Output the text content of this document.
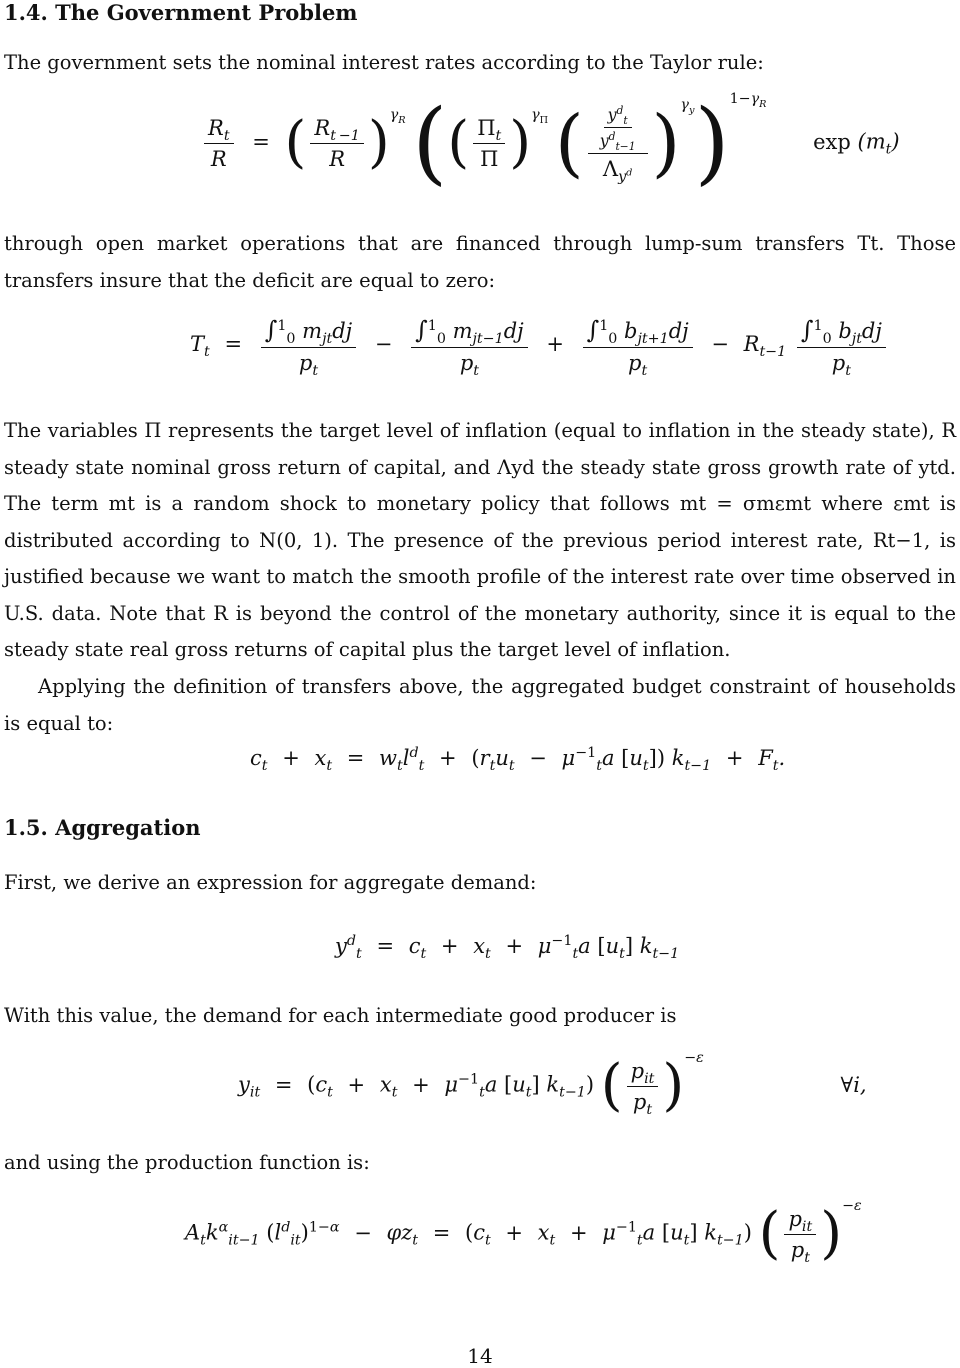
1.4. The Government Problem

The government sets the nominal interest rates according to the Taylor rule:

$\frac{R_t}{R}$ = ( $\frac{R_{t -1}}{R} )^{\gamma_R}$ (( $\frac{\Pi_t}{\Pi} )^{\gamma_\Pi}$ ( $\frac{\frac{y^d_t}{y^d_{t-1}}}{\Lambda_{y^d}} )^{\gamma_y})^{1-\gamma_R}$ $\exp (m_t)$

through open market operations that are financed through lump-sum transfers Tt. Those transfers insure that the deficit are equal to zero:

$T_t = \frac{\int^1_0 m_{jt}dj}{p_t} - \frac{\int^1_0 m_{jt-1}dj}{p_t} + \frac{\int^1_0 b_{jt+1}dj}{p_t} - R_{t-1} \frac{\int^1_0 b_{jt}dj}{p_t}$

The variables Π represents the target level of inflation (equal to inflation in the steady state), R steady state nominal gross return of capital, and Λyd the steady state gross growth rate of ytd. The term mt is a random shock to monetary policy that follows mt = σmεmt where εmt is distributed according to N(0, 1). The presence of the previous period interest rate, Rt−1, is justified because we want to match the smooth profile of the interest rate over time observed in U.S. data. Note that R is beyond the control of the monetary authority, since it is equal to the steady state real gross returns of capital plus the target level of inflation.

Applying the definition of transfers above, the aggregated budget constraint of households is equal to:

$c_t + x_t = w_tl^d_t + (r_tu_t - \mu^{-1}_ta$ $[u_t]$) $k_{t-1} + F_t$.
1.5. Aggregation

First, we derive an expression for aggregate demand:

$y^d_t = c_t + x_t + \mu^{-1}_ta$ $[u_t]$ $k_{t-1}$

With this value, the demand for each intermediate good producer is

$y_{it} = (c_t + x_t + \mu^{-1}_ta$ $[u_t]$ $k_{t-1}$) ( $\frac{p_{it}}{p_t} )^{-\varepsilon}$ ∀i,

and using the production function is:

$A_tk^\alpha_{it-1}$ $(l^d_{it})^{1-\alpha} - \varphi z_t = (c_t + x_t + \mu^{-1}_ta$ $[u_t]$ $k_{t-1}$) ( $\frac{p_{it}}{p_t} )^{-\varepsilon}$
14
